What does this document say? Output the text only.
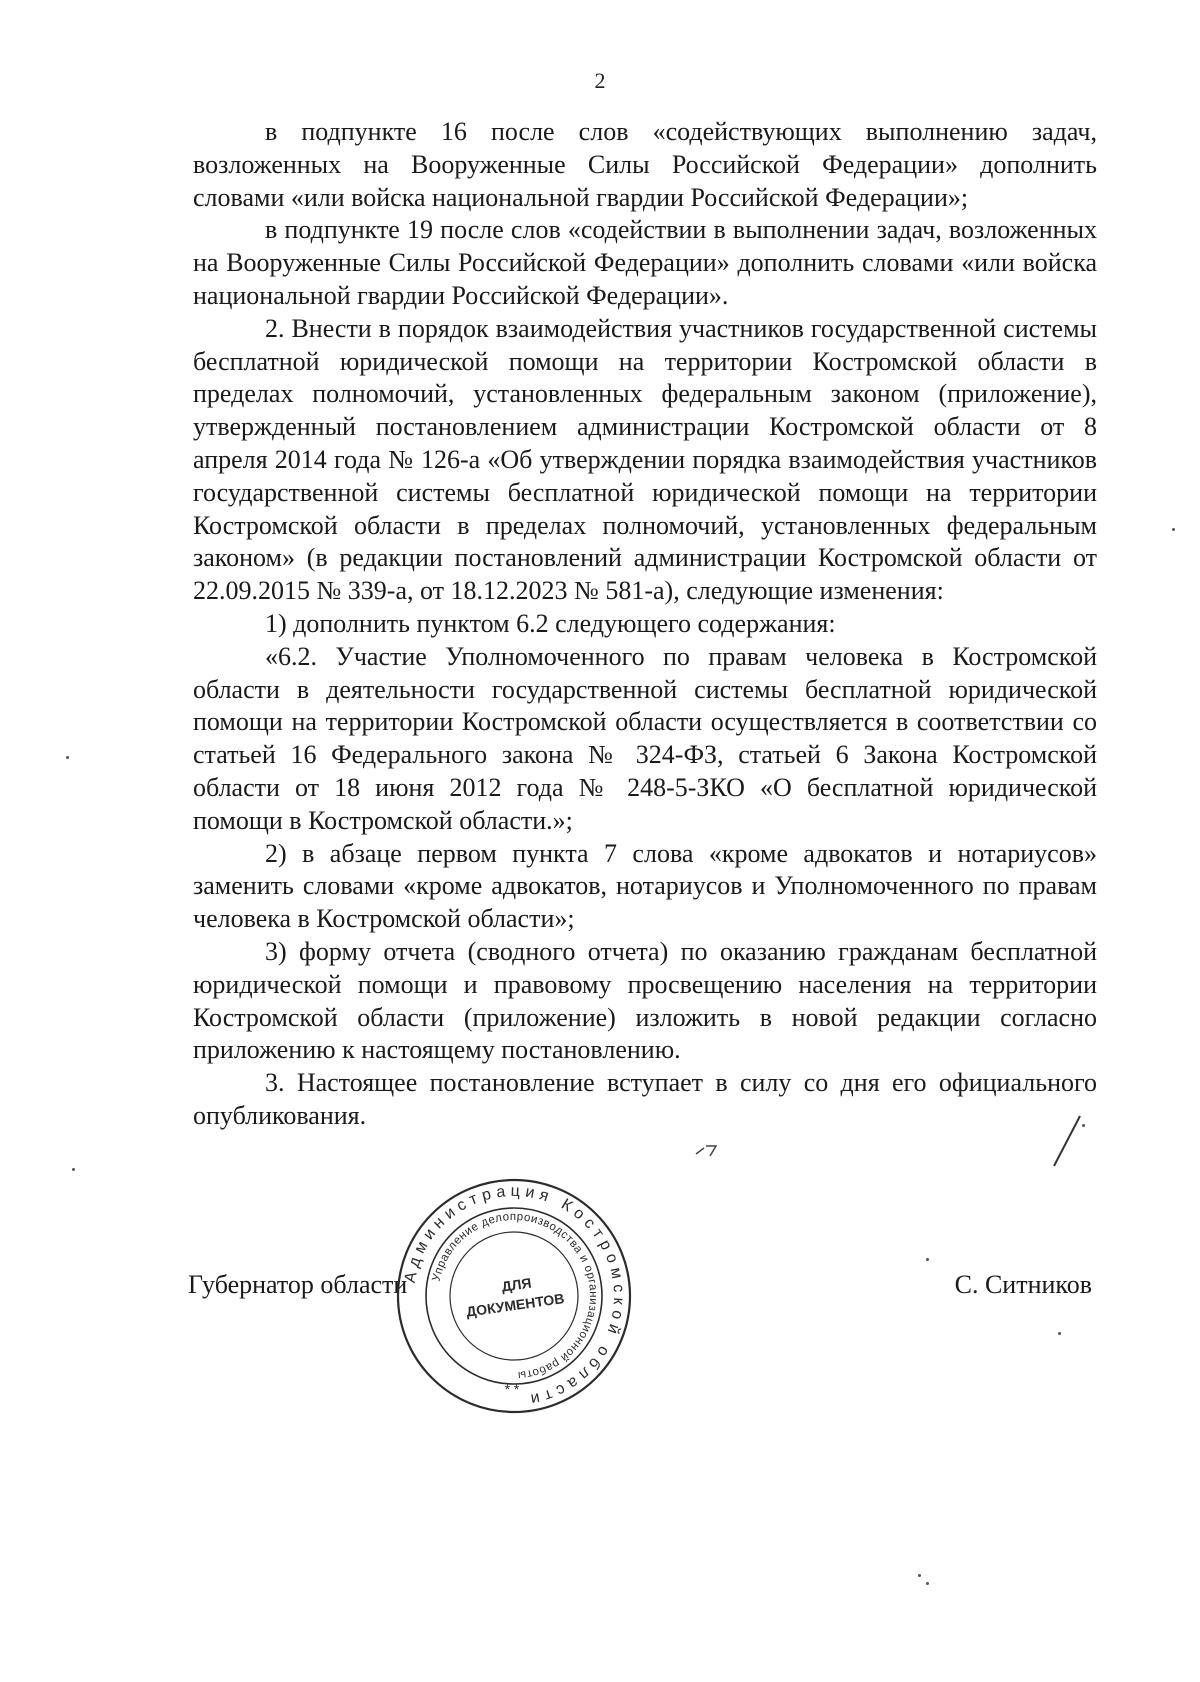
2

в подпункте 16 после слов «содействующих выполнению задач, возложенных на Вооруженные Силы Российской Федерации» дополнить словами «или войска национальной гвардии Российской Федерации»;

в подпункте 19 после слов «содействии в выполнении задач, возложенных на Вооруженные Силы Российской Федерации» дополнить словами «или войска национальной гвардии Российской Федерации».

2. Внести в порядок взаимодействия участников государственной системы бесплатной юридической помощи на территории Костромской области в пределах полномочий, установленных федеральным законом (приложение), утвержденный постановлением администрации Костромской области от 8 апреля 2014 года № 126-а «Об утверждении порядка взаимодействия участников государственной системы бесплатной юридической помощи на территории Костромской области в пределах полномочий, установленных федеральным законом» (в редакции постановлений администрации Костромской области от 22.09.2015 № 339-а, от 18.12.2023 № 581-а), следующие изменения:

1) дополнить пунктом 6.2 следующего содержания:

«6.2. Участие Уполномоченного по правам человека в Костромской области в деятельности государственной системы бесплатной юридической помощи на территории Костромской области осуществляется в соответствии со статьей 16 Федерального закона № 324-ФЗ, статьей 6 Закона Костромской области от 18 июня 2012 года № 248-5-ЗКО «О бесплатной юридической помощи в Костромской области.»;

2) в абзаце первом пункта 7 слова «кроме адвокатов и нотариусов» заменить словами «кроме адвокатов, нотариусов и Уполномоченного по правам человека в Костромской области»;

3) форму отчета (сводного отчета) по оказанию гражданам бесплатной юридической помощи и правовому просвещению населения на территории Костромской области (приложение) изложить в новой редакции согласно приложению к настоящему постановлению.

3. Настоящее постановление вступает в силу со дня его официального опубликования.

Губернатор области	С. Ситников
Администрация Костромской области
Управление делопроизводства и организационной работы
ДЛЯ
ДОКУМЕНТОВ
* *
